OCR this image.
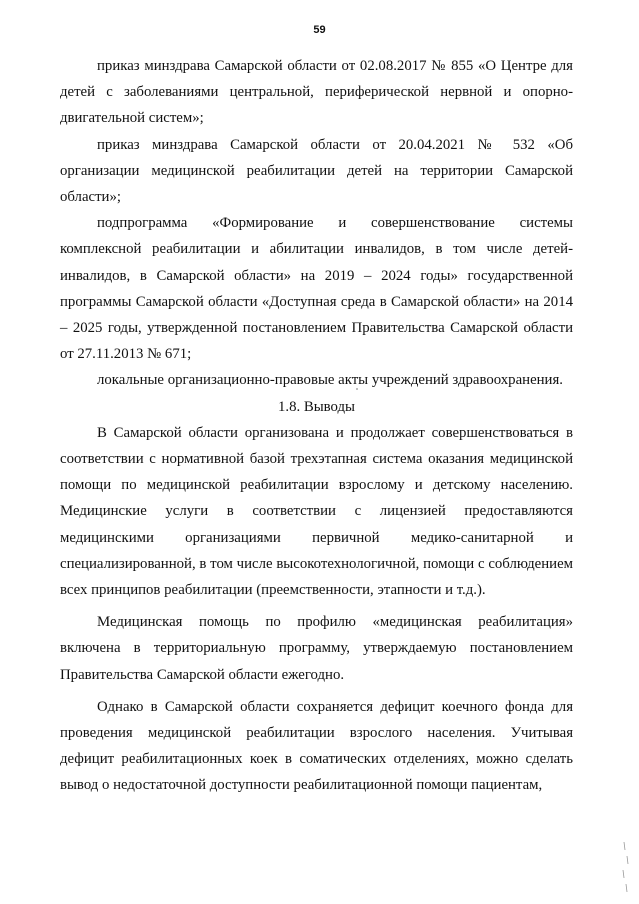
59

приказ минздрава Самарской области от 02.08.2017 № 855 «О Центре для детей с заболеваниями центральной, периферической нервной и опорно-двигательной систем»;

приказ минздрава Самарской области от 20.04.2021 № 532 «Об организации медицинской реабилитации детей на территории Самарской области»;

подпрограмма «Формирование и совершенствование системы комплексной реабилитации и абилитации инвалидов, в том числе детей-инвалидов, в Самарской области» на 2019 – 2024 годы» государственной программы Самарской области «Доступная среда в Самарской области» на 2014 – 2025 годы, утвержденной постановлением Правительства Самарской области от 27.11.2013 № 671;

локальные организационно-правовые акты учреждений здравоохранения.

1.8. Выводы

В Самарской области организована и продолжает совершенствоваться в соответствии с нормативной базой трехэтапная система оказания медицинской помощи по медицинской реабилитации взрослому и детскому населению. Медицинские услуги в соответствии с лицензией предоставляются медицинскими организациями первичной медико-санитарной и специализированной, в том числе высокотехнологичной, помощи с соблюдением всех принципов реабилитации (преемственности, этапности и т.д.).

Медицинская помощь по профилю «медицинская реабилитация» включена в территориальную программу, утверждаемую постановлением Правительства Самарской области ежегодно.

Однако в Самарской области сохраняется дефицит коечного фонда для проведения медицинской реабилитации взрослого населения. Учитывая дефицит реабилитационных коек в соматических отделениях, можно сделать вывод о недостаточной доступности реабилитационной помощи пациентам,
